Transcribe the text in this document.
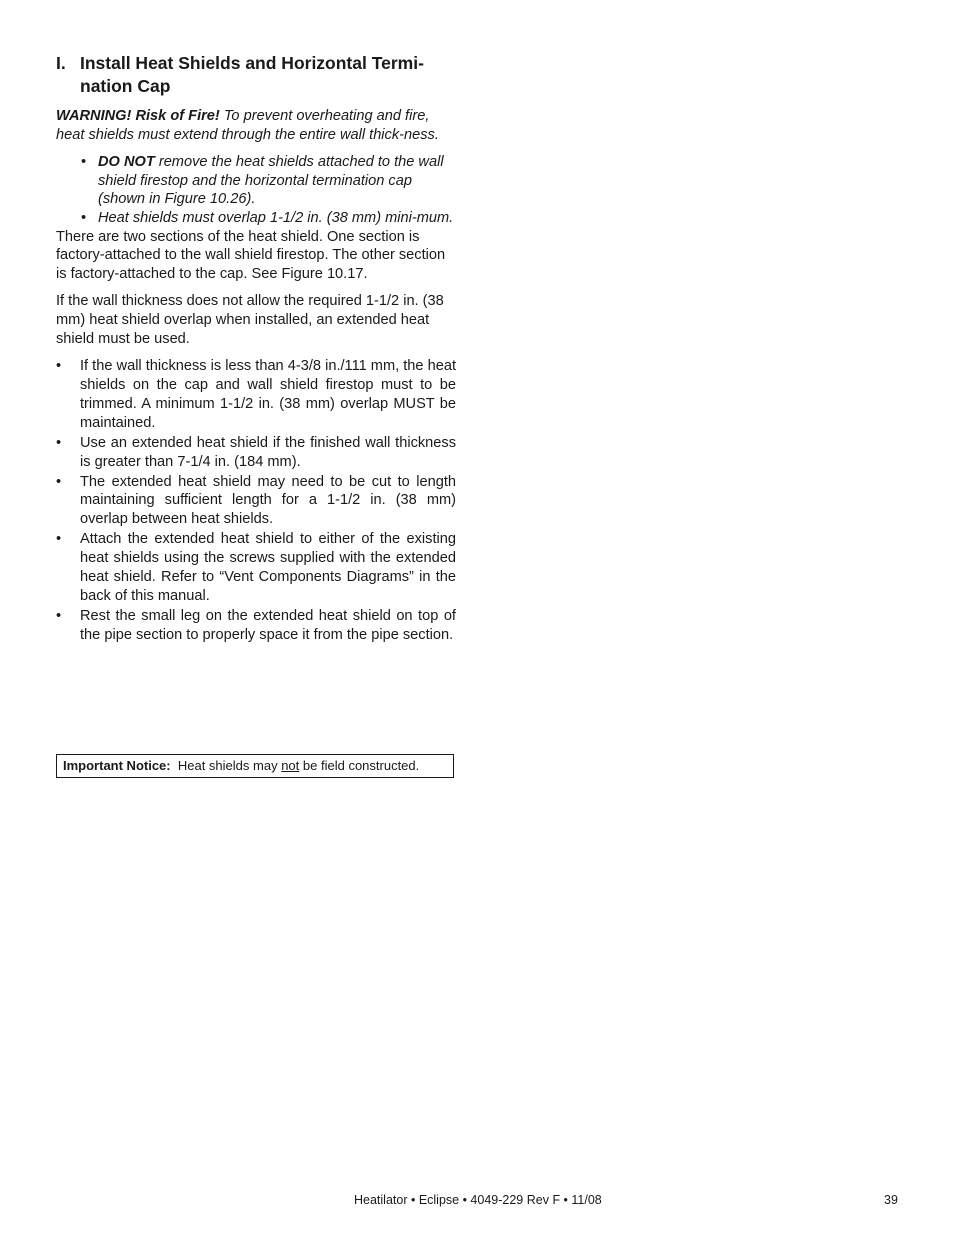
I. Install Heat Shields and Horizontal Termi-nation Cap

WARNING! Risk of Fire! To prevent overheating and fire, heat shields must extend through the entire wall thick-ness.

• DO NOT remove the heat shields attached to the wall shield firestop and the horizontal termination cap (shown in Figure 10.26).
• Heat shields must overlap 1-1/2 in. (38 mm) mini-mum.

There are two sections of the heat shield. One section is factory-attached to the wall shield firestop. The other section is factory-attached to the cap. See Figure 10.17.

If the wall thickness does not allow the required 1-1/2 in. (38 mm) heat shield overlap when installed, an extended heat shield must be used.

• If the wall thickness is less than 4-3/8 in./111 mm, the heat shields on the cap and wall shield firestop must to be trimmed. A minimum 1-1/2 in. (38 mm) overlap MUST be maintained.
• Use an extended heat shield if the finished wall thickness is greater than 7-1/4 in. (184 mm).
• The extended heat shield may need to be cut to length maintaining sufficient length for a 1-1/2 in. (38 mm) overlap between heat shields.
• Attach the extended heat shield to either of the existing heat shields using the screws supplied with the extended heat shield. Refer to “Vent Components Diagrams” in the back of this manual.
• Rest the small leg on the extended heat shield on top of the pipe section to properly space it from the pipe section.
Important Notice: Heat shields may not be field constructed.
Heatilator • Eclipse • 4049-229 Rev F • 11/08	39
